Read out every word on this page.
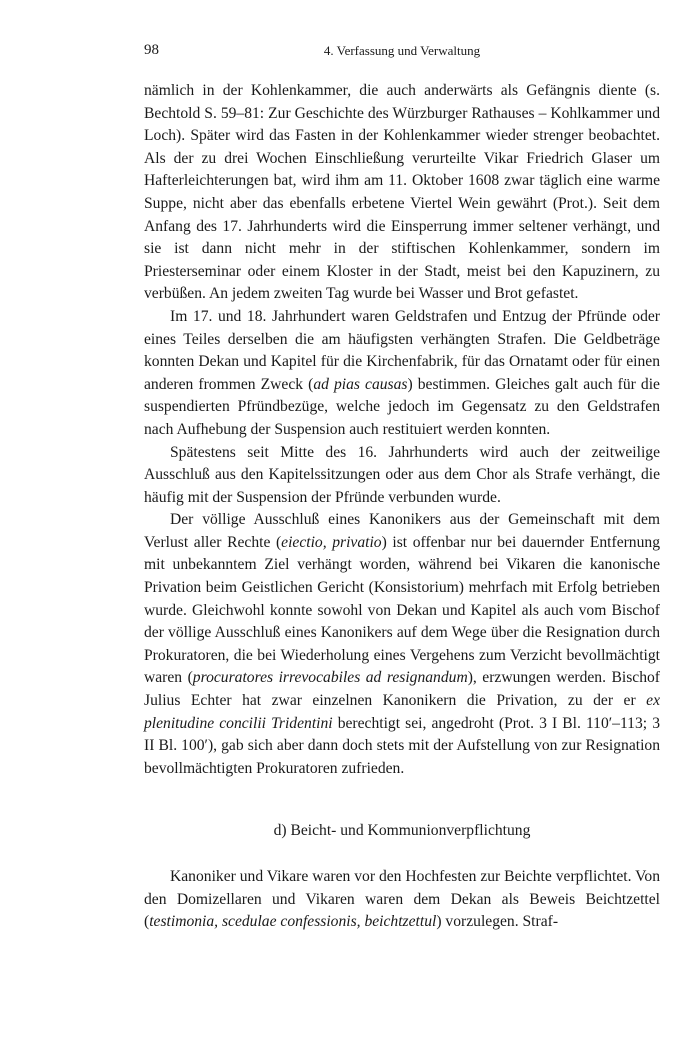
98	4. Verfassung und Verwaltung

nämlich in der Kohlenkammer, die auch anderwärts als Gefängnis diente (s. Bechtold S. 59–81: Zur Geschichte des Würzburger Rathauses – Kohlkammer und Loch). Später wird das Fasten in der Kohlenkammer wieder strenger beobachtet. Als der zu drei Wochen Einschließung verurteilte Vikar Friedrich Glaser um Hafterleichterungen bat, wird ihm am 11. Oktober 1608 zwar täglich eine warme Suppe, nicht aber das ebenfalls erbetene Viertel Wein gewährt (Prot.). Seit dem Anfang des 17. Jahrhunderts wird die Einsperrung immer seltener verhängt, und sie ist dann nicht mehr in der stiftischen Kohlenkammer, sondern im Priesterseminar oder einem Kloster in der Stadt, meist bei den Kapuzinern, zu verbüßen. An jedem zweiten Tag wurde bei Wasser und Brot gefastet.

Im 17. und 18. Jahrhundert waren Geldstrafen und Entzug der Pfründe oder eines Teiles derselben die am häufigsten verhängten Strafen. Die Geldbeträge konnten Dekan und Kapitel für die Kirchenfabrik, für das Ornatamt oder für einen anderen frommen Zweck (ad pias causas) bestimmen. Gleiches galt auch für die suspendierten Pfründbezüge, welche jedoch im Gegensatz zu den Geldstrafen nach Aufhebung der Suspension auch restituiert werden konnten.

Spätestens seit Mitte des 16. Jahrhunderts wird auch der zeitweilige Ausschluß aus den Kapitelssitzungen oder aus dem Chor als Strafe verhängt, die häufig mit der Suspension der Pfründe verbunden wurde.

Der völlige Ausschluß eines Kanonikers aus der Gemeinschaft mit dem Verlust aller Rechte (eiectio, privatio) ist offenbar nur bei dauernder Entfernung mit unbekanntem Ziel verhängt worden, während bei Vikaren die kanonische Privation beim Geistlichen Gericht (Konsistorium) mehrfach mit Erfolg betrieben wurde. Gleichwohl konnte sowohl von Dekan und Kapitel als auch vom Bischof der völlige Ausschluß eines Kanonikers auf dem Wege über die Resignation durch Prokuratoren, die bei Wiederholung eines Vergehens zum Verzicht bevollmächtigt waren (procuratores irrevocabiles ad resignandum), erzwungen werden. Bischof Julius Echter hat zwar einzelnen Kanonikern die Privation, zu der er ex plenitudine concilii Tridentini berechtigt sei, angedroht (Prot. 3 I Bl. 110′–113; 3 II Bl. 100′), gab sich aber dann doch stets mit der Aufstellung von zur Resignation bevollmächtigten Prokuratoren zufrieden.

d) Beicht- und Kommunionverpflichtung

Kanoniker und Vikare waren vor den Hochfesten zur Beichte verpflichtet. Von den Domizellaren und Vikaren waren dem Dekan als Beweis Beichtzettel (testimonia, scedulae confessionis, beichtzettul) vorzulegen. Straf-
